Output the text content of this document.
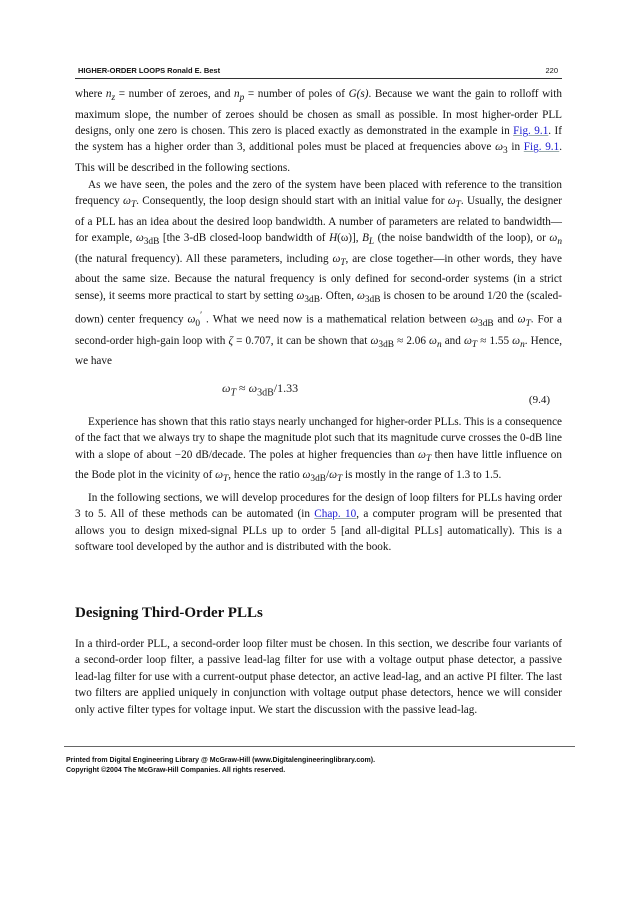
HIGHER-ORDER LOOPS Ronald E. Best	220

where $n_z$ = number of zeroes, and $n_p$ = number of poles of G(s). Because we want the gain to rolloff with maximum slope, the number of zeroes should be chosen as small as possible. In most higher-order PLL designs, only one zero is chosen. This zero is placed exactly as demonstrated in the example in Fig. 9.1. If the system has a higher order than 3, additional poles must be placed at frequencies above $\omega_3$ in Fig. 9.1. This will be described in the following sections.

As we have seen, the poles and the zero of the system have been placed with reference to the transition frequency $\omega_T$. Consequently, the loop design should start with an initial value for $\omega_T$. Usually, the designer of a PLL has an idea about the desired loop bandwidth. A number of parameters are related to bandwidth—for example, $\omega_{3dB}$ [the 3-dB closed-loop bandwidth of H(ω)], $B_L$ (the noise bandwidth of the loop), or $\omega_n$ (the natural frequency). All these parameters, including $\omega_T$, are close together—in other words, they have about the same size. Because the natural frequency is only defined for second-order systems (in a strict sense), it seems more practical to start by setting $\omega_{3dB}$. Often, $\omega_{3dB}$ is chosen to be around 1/20 the (scaled-down) center frequency $\omega_0'$ . What we need now is a mathematical relation between $\omega_{3dB}$ and $\omega_T$. For a second-order high-gain loop with ζ = 0.707, it can be shown that $\omega_{3dB} \approx 2.06$ $\omega_n$ and $\omega_T \approx 1.55$ $\omega_n$. Hence, we have

$\omega_T \approx \omega_{3dB}/1.33$
(9.4)

Experience has shown that this ratio stays nearly unchanged for higher-order PLLs. This is a consequence of the fact that we always try to shape the magnitude plot such that its magnitude curve crosses the 0-dB line with a slope of about −20 dB/decade. The poles at higher frequencies than $\omega_T$ then have little influence on the Bode plot in the vicinity of $\omega_T$, hence the ratio $\omega_{3dB}/\omega_T$ is mostly in the range of 1.3 to 1.5.

In the following sections, we will develop procedures for the design of loop filters for PLLs having order 3 to 5. All of these methods can be automated (in Chap. 10, a computer program will be presented that allows you to design mixed-signal PLLs up to order 5 [and all-digital PLLs] automatically). This is a software tool developed by the author and is distributed with the book.

Designing Third-Order PLLs

In a third-order PLL, a second-order loop filter must be chosen. In this section, we describe four variants of a second-order loop filter, a passive lead-lag filter for use with a voltage output phase detector, a passive lead-lag filter for use with a current-output phase detector, an active lead-lag, and an active PI filter. The last two filters are applied uniquely in conjunction with voltage output phase detectors, hence we will consider only active filter types for voltage input. We start the discussion with the passive lead-lag.

Printed from Digital Engineering Library @ McGraw-Hill (www.Digitalengineeringlibrary.com).
Copyright ©2004 The McGraw-Hill Companies. All rights reserved.
